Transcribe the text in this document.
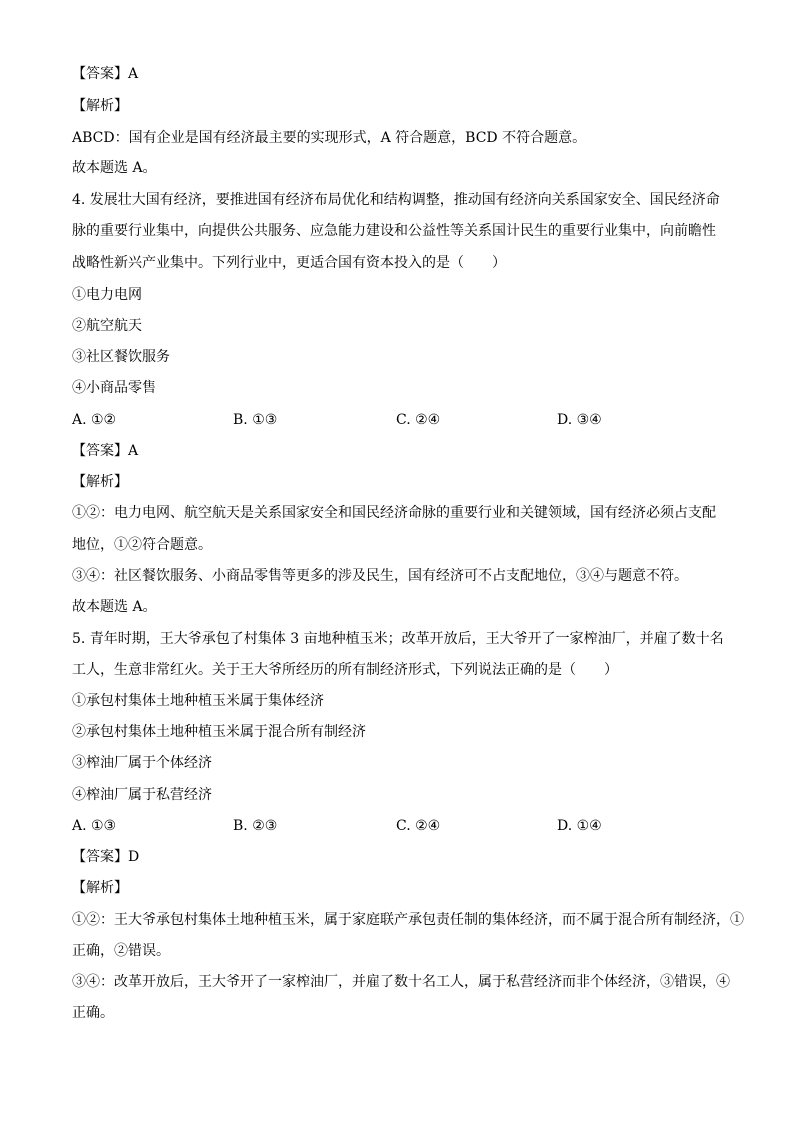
【答案】A
【解析】
ABCD：国有企业是国有经济最主要的实现形式，A 符合题意，BCD 不符合题意。
故本题选 A。
4. 发展壮大国有经济，要推进国有经济布局优化和结构调整，推动国有经济向关系国家安全、国民经济命
脉的重要行业集中，向提供公共服务、应急能力建设和公益性等关系国计民生的重要行业集中，向前瞻性
战略性新兴产业集中。下列行业中，更适合国有资本投入的是（　　）
①电力电网
②航空航天
③社区餐饮服务
④小商品零售
A. ①②	B. ①③	C. ②④	D. ③④
【答案】A
【解析】
①②：电力电网、航空航天是关系国家安全和国民经济命脉的重要行业和关键领域，国有经济必须占支配
地位，①②符合题意。
③④：社区餐饮服务、小商品零售等更多的涉及民生，国有经济可不占支配地位，③④与题意不符。
故本题选 A。
5. 青年时期，王大爷承包了村集体 3 亩地种植玉米；改革开放后，王大爷开了一家榨油厂，并雇了数十名
工人，生意非常红火。关于王大爷所经历的所有制经济形式，下列说法正确的是（　　）
①承包村集体土地种植玉米属于集体经济
②承包村集体土地种植玉米属于混合所有制经济
③榨油厂属于个体经济
④榨油厂属于私营经济
A. ①③	B. ②③	C. ②④	D. ①④
【答案】D
【解析】
①②：王大爷承包村集体土地种植玉米，属于家庭联产承包责任制的集体经济，而不属于混合所有制经济，①
正确，②错误。
③④：改革开放后，王大爷开了一家榨油厂，并雇了数十名工人，属于私营经济而非个体经济，③错误，④
正确。
